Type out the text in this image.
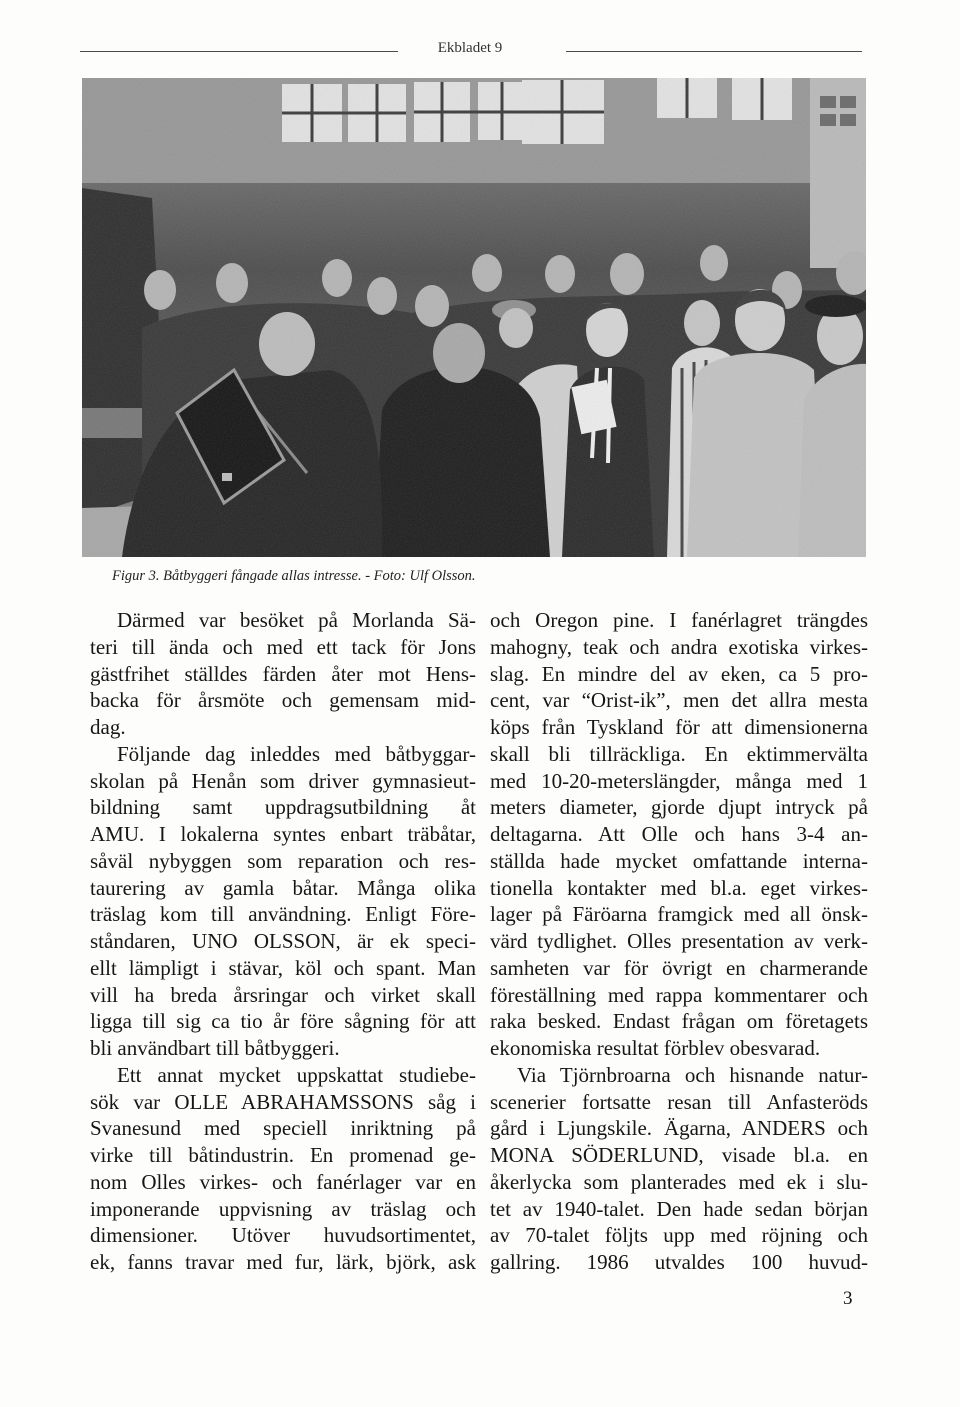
Ekbladet 9
Figur 3. Båtbyggeri fångade allas intresse. - Foto: Ulf Olsson.
Därmed var besöket på Morlanda Sä-
teri till ända och med ett tack för Jons
gästfrihet ställdes färden åter mot Hens-
backa för årsmöte och gemensam mid-
dag.
Följande dag inleddes med båtbyggar-
skolan på Henån som driver gymnasieut-
bildning samt uppdragsutbildning åt
AMU. I lokalerna syntes enbart träbåtar,
såväl nybyggen som reparation och res-
taurering av gamla båtar. Många olika
träslag kom till användning. Enligt Före-
ståndaren, UNO OLSSON, är ek speci-
ellt lämpligt i stävar, köl och spant. Man
vill ha breda årsringar och virket skall
ligga till sig ca tio år före sågning för att
bli användbart till båtbyggeri.
Ett annat mycket uppskattat studiebe-
sök var OLLE ABRAHAMSSONS såg i
Svanesund med speciell inriktning på
virke till båtindustrin. En promenad ge-
nom Olles virkes- och fanérlager var en
imponerande uppvisning av träslag och
dimensioner. Utöver huvudsortimentet,
ek, fanns travar med fur, lärk, björk, ask
och Oregon pine. I fanérlagret trängdes
mahogny, teak och andra exotiska virkes-
slag. En mindre del av eken, ca 5 pro-
cent, var “Orist-ik”, men det allra mesta
köps från Tyskland för att dimensionerna
skall bli tillräckliga. En ektimmervälta
med 10-20-meterslängder, många med 1
meters diameter, gjorde djupt intryck på
deltagarna. Att Olle och hans 3-4 an-
ställda hade mycket omfattande interna-
tionella kontakter med bl.a. eget virkes-
lager på Färöarna framgick med all önsk-
värd tydlighet. Olles presentation av verk-
samheten var för övrigt en charmerande
föreställning med rappa kommentarer och
raka besked. Endast frågan om företagets
ekonomiska resultat förblev obesvarad.
Via Tjörnbroarna och hisnande natur-
scenerier fortsatte resan till Anfasteröds
gård i Ljungskile. Ägarna, ANDERS och
MONA SÖDERLUND, visade bl.a. en
åkerlycka som planterades med ek i slu-
tet av 1940-talet. Den hade sedan början
av 70-talet följts upp med röjning och
gallring. 1986 utvaldes 100 huvud-
3
